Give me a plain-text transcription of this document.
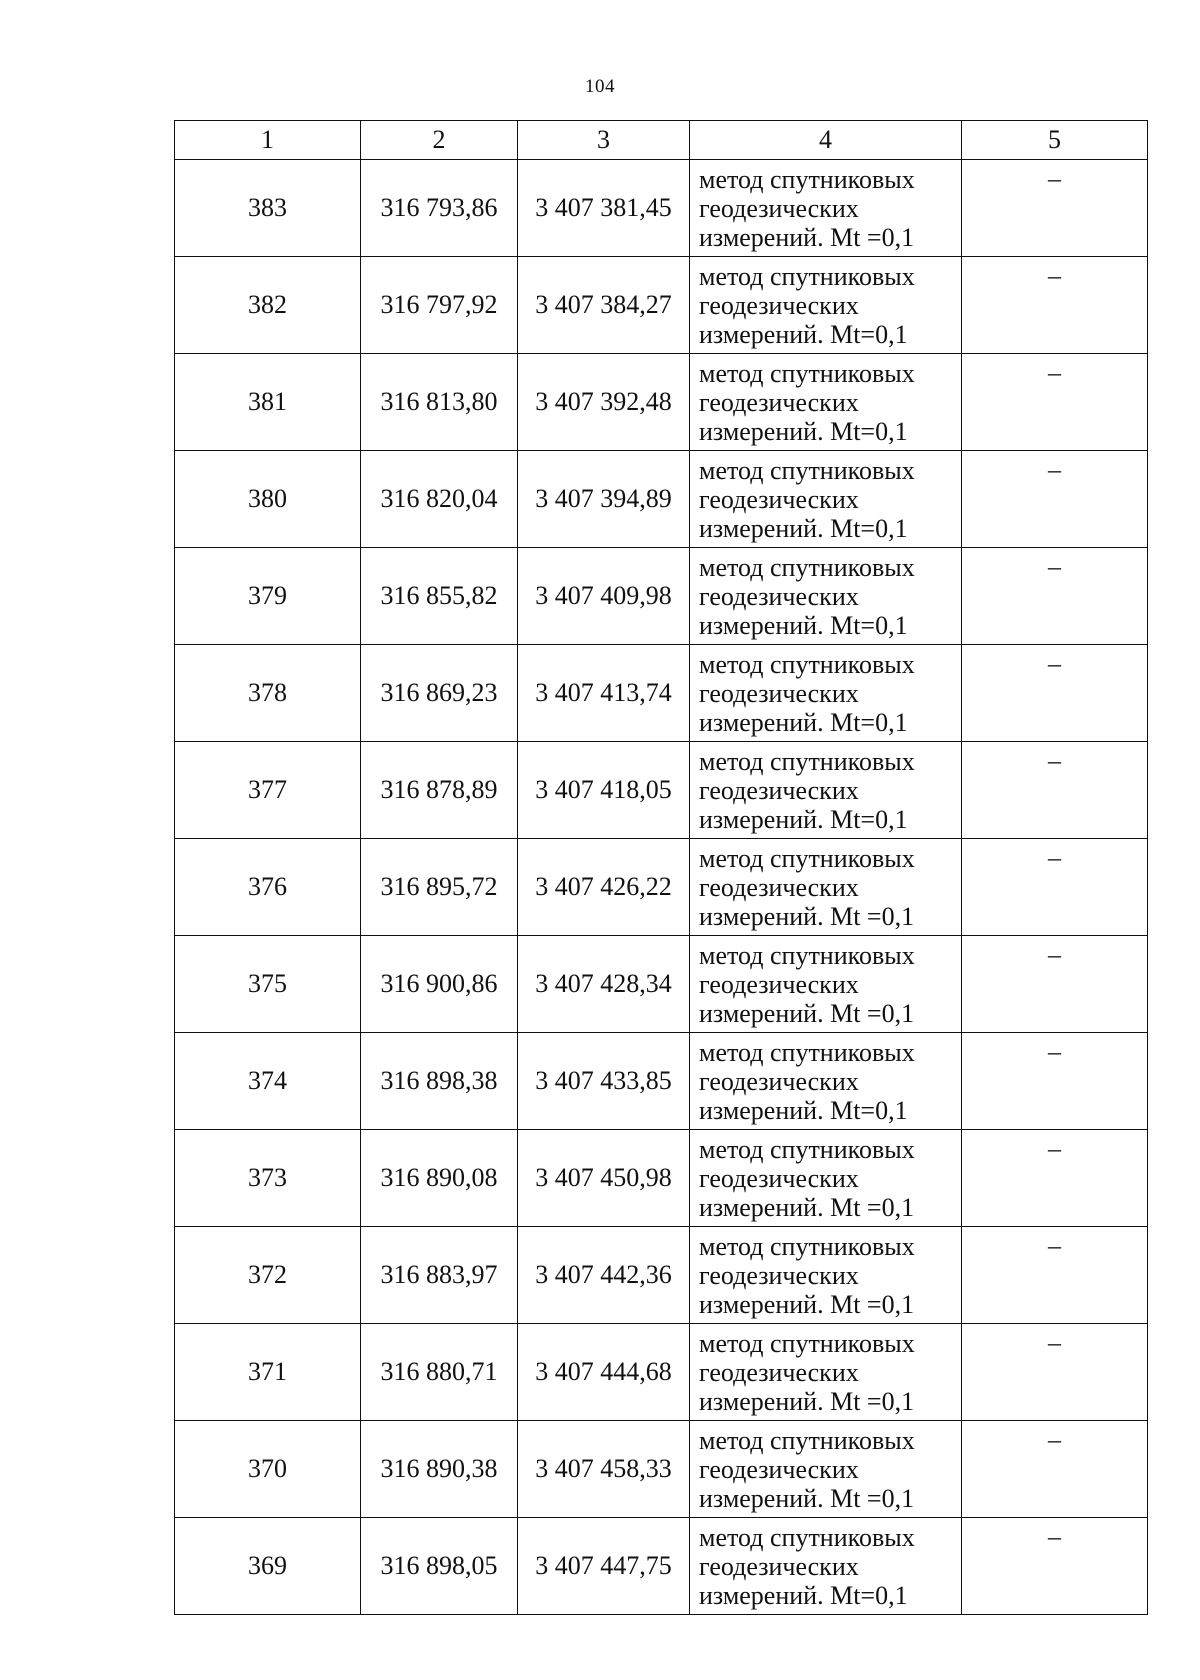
104
1	2	3	4	5
383	316 793,86	3 407 381,45	метод спутниковых
геодезических
измерений. Mt =0,1	–
382	316 797,92	3 407 384,27	метод спутниковых
геодезических
измерений. Mt=0,1	–
381	316 813,80	3 407 392,48	метод спутниковых
геодезических
измерений. Mt=0,1	–
380	316 820,04	3 407 394,89	метод спутниковых
геодезических
измерений. Mt=0,1	–
379	316 855,82	3 407 409,98	метод спутниковых
геодезических
измерений. Mt=0,1	–
378	316 869,23	3 407 413,74	метод спутниковых
геодезических
измерений. Mt=0,1	–
377	316 878,89	3 407 418,05	метод спутниковых
геодезических
измерений. Mt=0,1	–
376	316 895,72	3 407 426,22	метод спутниковых
геодезических
измерений. Mt =0,1	–
375	316 900,86	3 407 428,34	метод спутниковых
геодезических
измерений. Mt =0,1	–
374	316 898,38	3 407 433,85	метод спутниковых
геодезических
измерений. Mt=0,1	–
373	316 890,08	3 407 450,98	метод спутниковых
геодезических
измерений. Mt =0,1	–
372	316 883,97	3 407 442,36	метод спутниковых
геодезических
измерений. Mt =0,1	–
371	316 880,71	3 407 444,68	метод спутниковых
геодезических
измерений. Mt =0,1	–
370	316 890,38	3 407 458,33	метод спутниковых
геодезических
измерений. Mt =0,1	–
369	316 898,05	3 407 447,75	метод спутниковых
геодезических
измерений. Mt=0,1	–
